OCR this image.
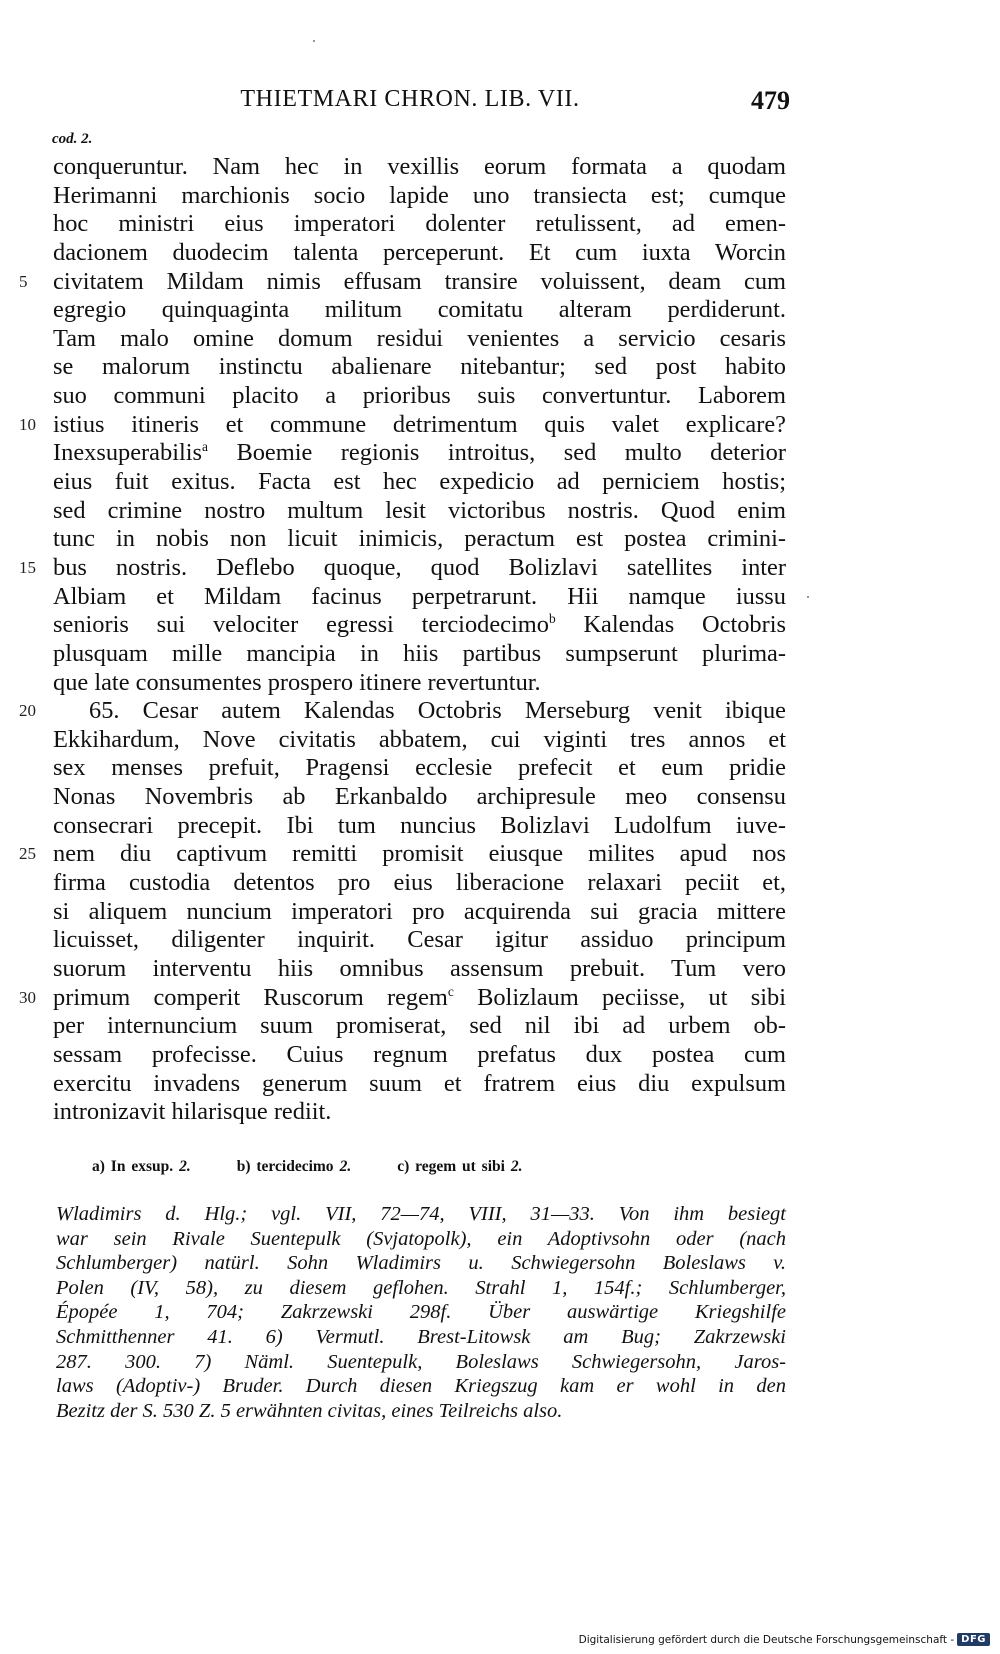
THIETMARI CHRON. LIB. VII.	479
cod. 2.
conqueruntur. Nam hec in vexillis eorum formata a quodam
Herimanni marchionis socio lapide uno transiecta est; cumque
hoc ministri eius imperatori dolenter retulissent, ad emen-
dacionem duodecim talenta perceperunt. Et cum iuxta Worcin
5	civitatem Mildam nimis effusam transire voluissent, deam cum
egregio quinquaginta militum comitatu alteram perdiderunt.
Tam malo omine domum residui venientes a servicio cesaris
se malorum instinctu abalienare nitebantur; sed post habito
suo communi placito a prioribus suis convertuntur. Laborem
10 istius itineris et commune detrimentum quis valet explicare?
Inexsuperabilis$^a$ Boemie regionis introitus, sed multo deterior
eius fuit exitus. Facta est hec expedicio ad perniciem hostis;
sed crimine nostro multum lesit victoribus nostris. Quod enim
tunc in nobis non licuit inimicis, peractum est postea crimini-
15 bus nostris. Deflebo quoque, quod Bolizlavi satellites inter
Albiam et Mildam facinus perpetrarunt. Hii namque iussu
senioris sui velociter egressi terciodecimo$^b$ Kalendas Octobris
plusquam mille mancipia in hiis partibus sumpserunt plurima-
que late consumentes prospero itinere revertuntur.
20	65. Cesar autem Kalendas Octobris Merseburg venit ibique
Ekkihardum, Nove civitatis abbatem, cui viginti tres annos et
sex menses prefuit, Pragensi ecclesie prefecit et eum pridie
Nonas Novembris ab Erkanbaldo archipresule meo consensu
consecrari precepit. Ibi tum nuncius Bolizlavi Ludolfum iuve-
25 nem diu captivum remitti promisit eiusque milites apud nos
firma custodia detentos pro eius liberacione relaxari peciit et,
si aliquem nuncium imperatori pro acquirenda sui gracia mittere
licuisset, diligenter inquirit. Cesar igitur assiduo principum
suorum interventu hiis omnibus assensum prebuit. Tum vero
30 primum comperit Ruscorum regem$^c$ Bolizlaum peciisse, ut sibi
per internuncium suum promiserat, sed nil ibi ad urbem ob-
sessam profecisse. Cuius regnum prefatus dux postea cum
exercitu invadens generum suum et fratrem eius diu expulsum
intronizavit hilarisque rediit.
a) In exsup. 2.	b) tercidecimo 2.	c) regem ut sibi 2.
Wladimirs d. Hlg.; vgl. VII, 72—74, VIII, 31—33. Von ihm besiegt
war sein Rivale Suentepulk (Svjatopolk), ein Adoptivsohn oder (nach
Schlumberger) natürl. Sohn Wladimirs u. Schwiegersohn Boleslaws v.
Polen (IV, 58), zu diesem geflohen. Strahl 1, 154f.; Schlumberger,
Épopée 1, 704; Zakrzewski 298f. Über auswärtige Kriegshilfe
Schmitthenner 41. 6) Vermutl. Brest-Litowsk am Bug; Zakrzewski
287. 300. 7) Näml. Suentepulk, Boleslaws Schwiegersohn, Jaros-
laws (Adoptiv-) Bruder. Durch diesen Kriegszug kam er wohl in den
Bezitz der S. 530 Z. 5 erwähnten civitas, eines Teilreichs also.
Digitalisierung gefördert durch die Deutsche Forschungsgemeinschaft - DFG
